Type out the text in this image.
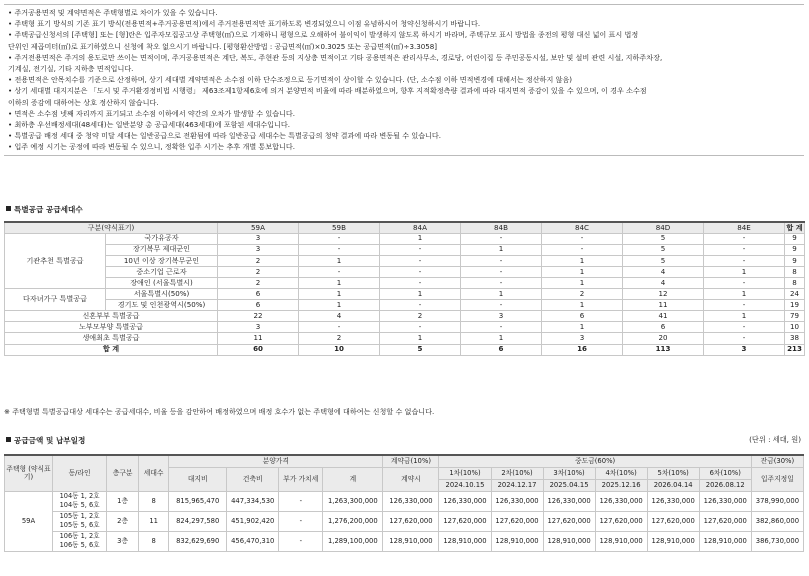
• 주거공용면적 및 계약면적은 주택형별로 차이가 있을 수 있습니다.
• 주택형 표기 방식의 기존 표기 방식(전용면적+주거공용면적)에서 주거전용면적만 표기하도록 변경되었으니 이점 유념하시어 청약신청하시기 바랍니다.
• 주택공급신청서의 [주택형] 또는 [형]란은 입주자모집공고상 주택형(㎡)으로 기재하니 평형으로 오해하여 불이익이 발생하지 않도록 하시기 바라며, 주택규모 표시 방법을 종전의 평형 대신 넓이 표시 법정
단위인 제곱미터(㎡)로 표기하였으니 신청에 착오 없으시기 바랍니다. [평형환산방법 : 공급면적(㎡)×0.3025 또는 공급면적(㎡)÷3.3058]
• 주거전용면적은 주거의 용도로만 쓰이는 면적이며, 주거공용면적은 계단, 복도, 주현관 등의 지상층 면적이고 기타 공용면적은 관리사무소, 경로당, 어린이집 등 주민공동시설, 보안 및 설비 관련 시설, 지하주차장,
기계실, 전기실, 기타 지하층 면적입니다.
• 전용면적은 안목치수를 기준으로 산정하며, 상기 세대별 계약면적은 소수점 이하 단수조정으로 등기면적이 상이할 수 있습니다. (단, 소수점 이하 면적변경에 대해서는 정산하지 않음)
• 상기 세대별 대지지분은 「도시 및 주거환경정비법 시행령」 제63조제1항제6호에 의거 분양면적 비율에 따라 배분하였으며, 향후 지적확정측량 결과에 따라 대지면적 증감이 있을 수 있으며, 이 경우 소수점
이하의 증감에 대하여는 상호 정산하지 않습니다.
• 면적은 소수점 넷째 자리까지 표기되고 소수점 이하에서 약간의 오차가 발생할 수 있습니다.
• 최하층 우선배정세대(48세대)는 일반분양 총 공급세대(463세대)에 포함된 세대수입니다.
• 특별공급 배정 세대 중 청약 미달 세대는 일반공급으로 전환됨에 따라 일반공급 세대수는 특별공급의 청약 결과에 따라 변동될 수 있습니다.
• 입주 예정 시기는 공정에 따라 변동될 수 있으니, 정확한 입주 시기는 추후 개별 통보합니다.
특별공급 공급세대수
구분(약식표기)		59A	59B	84A	84B	84C	84D	84E	합 계
기관추천 특별공급	국가유공자	3	-	1	-	-	5	-	9
	장기복무 제대군인	3	-	-	1	-	5	-	9
	10년 이상 장기복무군인	2	1	-	-	1	5	-	9
	중소기업 근로자	2	-	-	-	1	4	1	8
	장애인 (서울특별시)	2	1	-	-	1	4	-	8
다자녀가구 특별공급	서울특별시(50%)	6	1	1	1	2	12	1	24
	경기도 및 인천광역시(50%)	6	1	-	-	1	11	-	19
신혼부부 특별공급		22	4	2	3	6	41	1	79
노부모부양 특별공급		3	-	-	-	1	6	-	10
생애최초 특별공급		11	2	1	1	3	20	-	38
합 계		60	10	5	6	16	113	3	213
※ 주택형별 특별공급대상 세대수는 공급세대수, 비율 등을 감안하여 배정하였으며 배정 호수가 없는 주택형에 대하여는 신청할 수 없습니다.
공급금액 및 납부일정	(단위 : 세대, 원)
주택형 (약식표기)	동/라인	층구분	세대수	분양가격				계약금(10%)	중도금(60%)						잔금(30%)
				대지비	건축비	부가 가치세	계	계약시	1차(10%)	2차(10%)	3차(10%)	4차(10%)	5차(10%)	6차(10%)	입주지정일
									2024.10.15	2024.12.17	2025.04.15	2025.12.16	2026.04.14	2026.08.12	
59A	104동 1, 2호 104동 5, 6호	1층	8	815,965,470	447,334,530	-	1,263,300,000	126,330,000	126,330,000	126,330,000	126,330,000	126,330,000	126,330,000	126,330,000	378,990,000
	105동 1, 2호 105동 5, 6호	2층	11	824,297,580	451,902,420	-	1,276,200,000	127,620,000	127,620,000	127,620,000	127,620,000	127,620,000	127,620,000	127,620,000	382,860,000
	106동 1, 2호 106동 5, 6호	3층	8	832,629,690	456,470,310	-	1,289,100,000	128,910,000	128,910,000	128,910,000	128,910,000	128,910,000	128,910,000	128,910,000	386,730,000
